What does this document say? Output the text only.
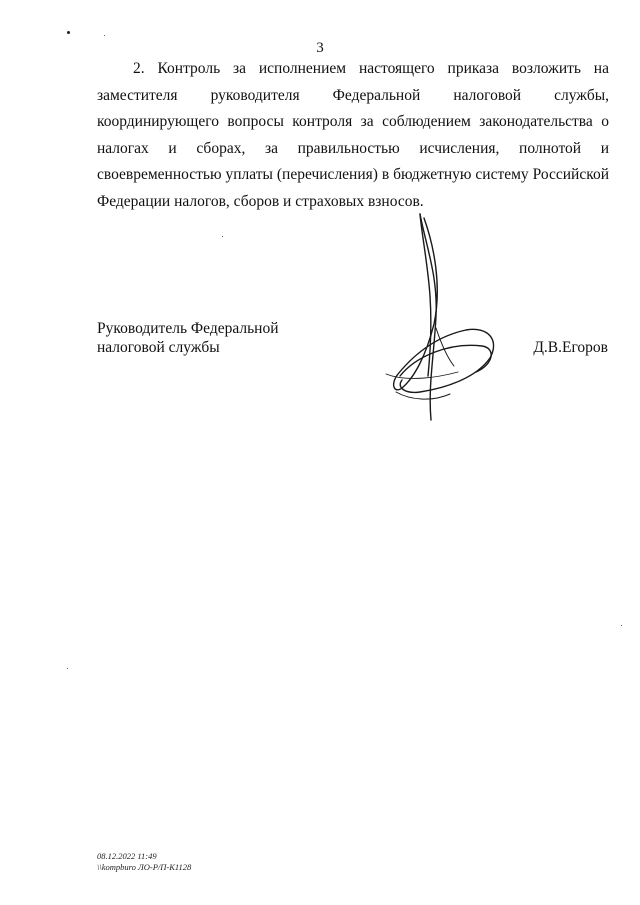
3

2. Контроль за исполнением настоящего приказа возложить на заместителя руководителя Федеральной налоговой службы, координирующего вопросы контроля за соблюдением законодательства о налогах и сборах, за правильностью исчисления, полнотой и своевременностью уплаты (перечисления) в бюджетную систему Российской Федерации налогов, сборов и страховых взносов.

Руководитель Федеральной
налоговой службы	Д.В.Егоров
08.12.2022 11:49
\\kompburo ЛО-Р/П-К1128
